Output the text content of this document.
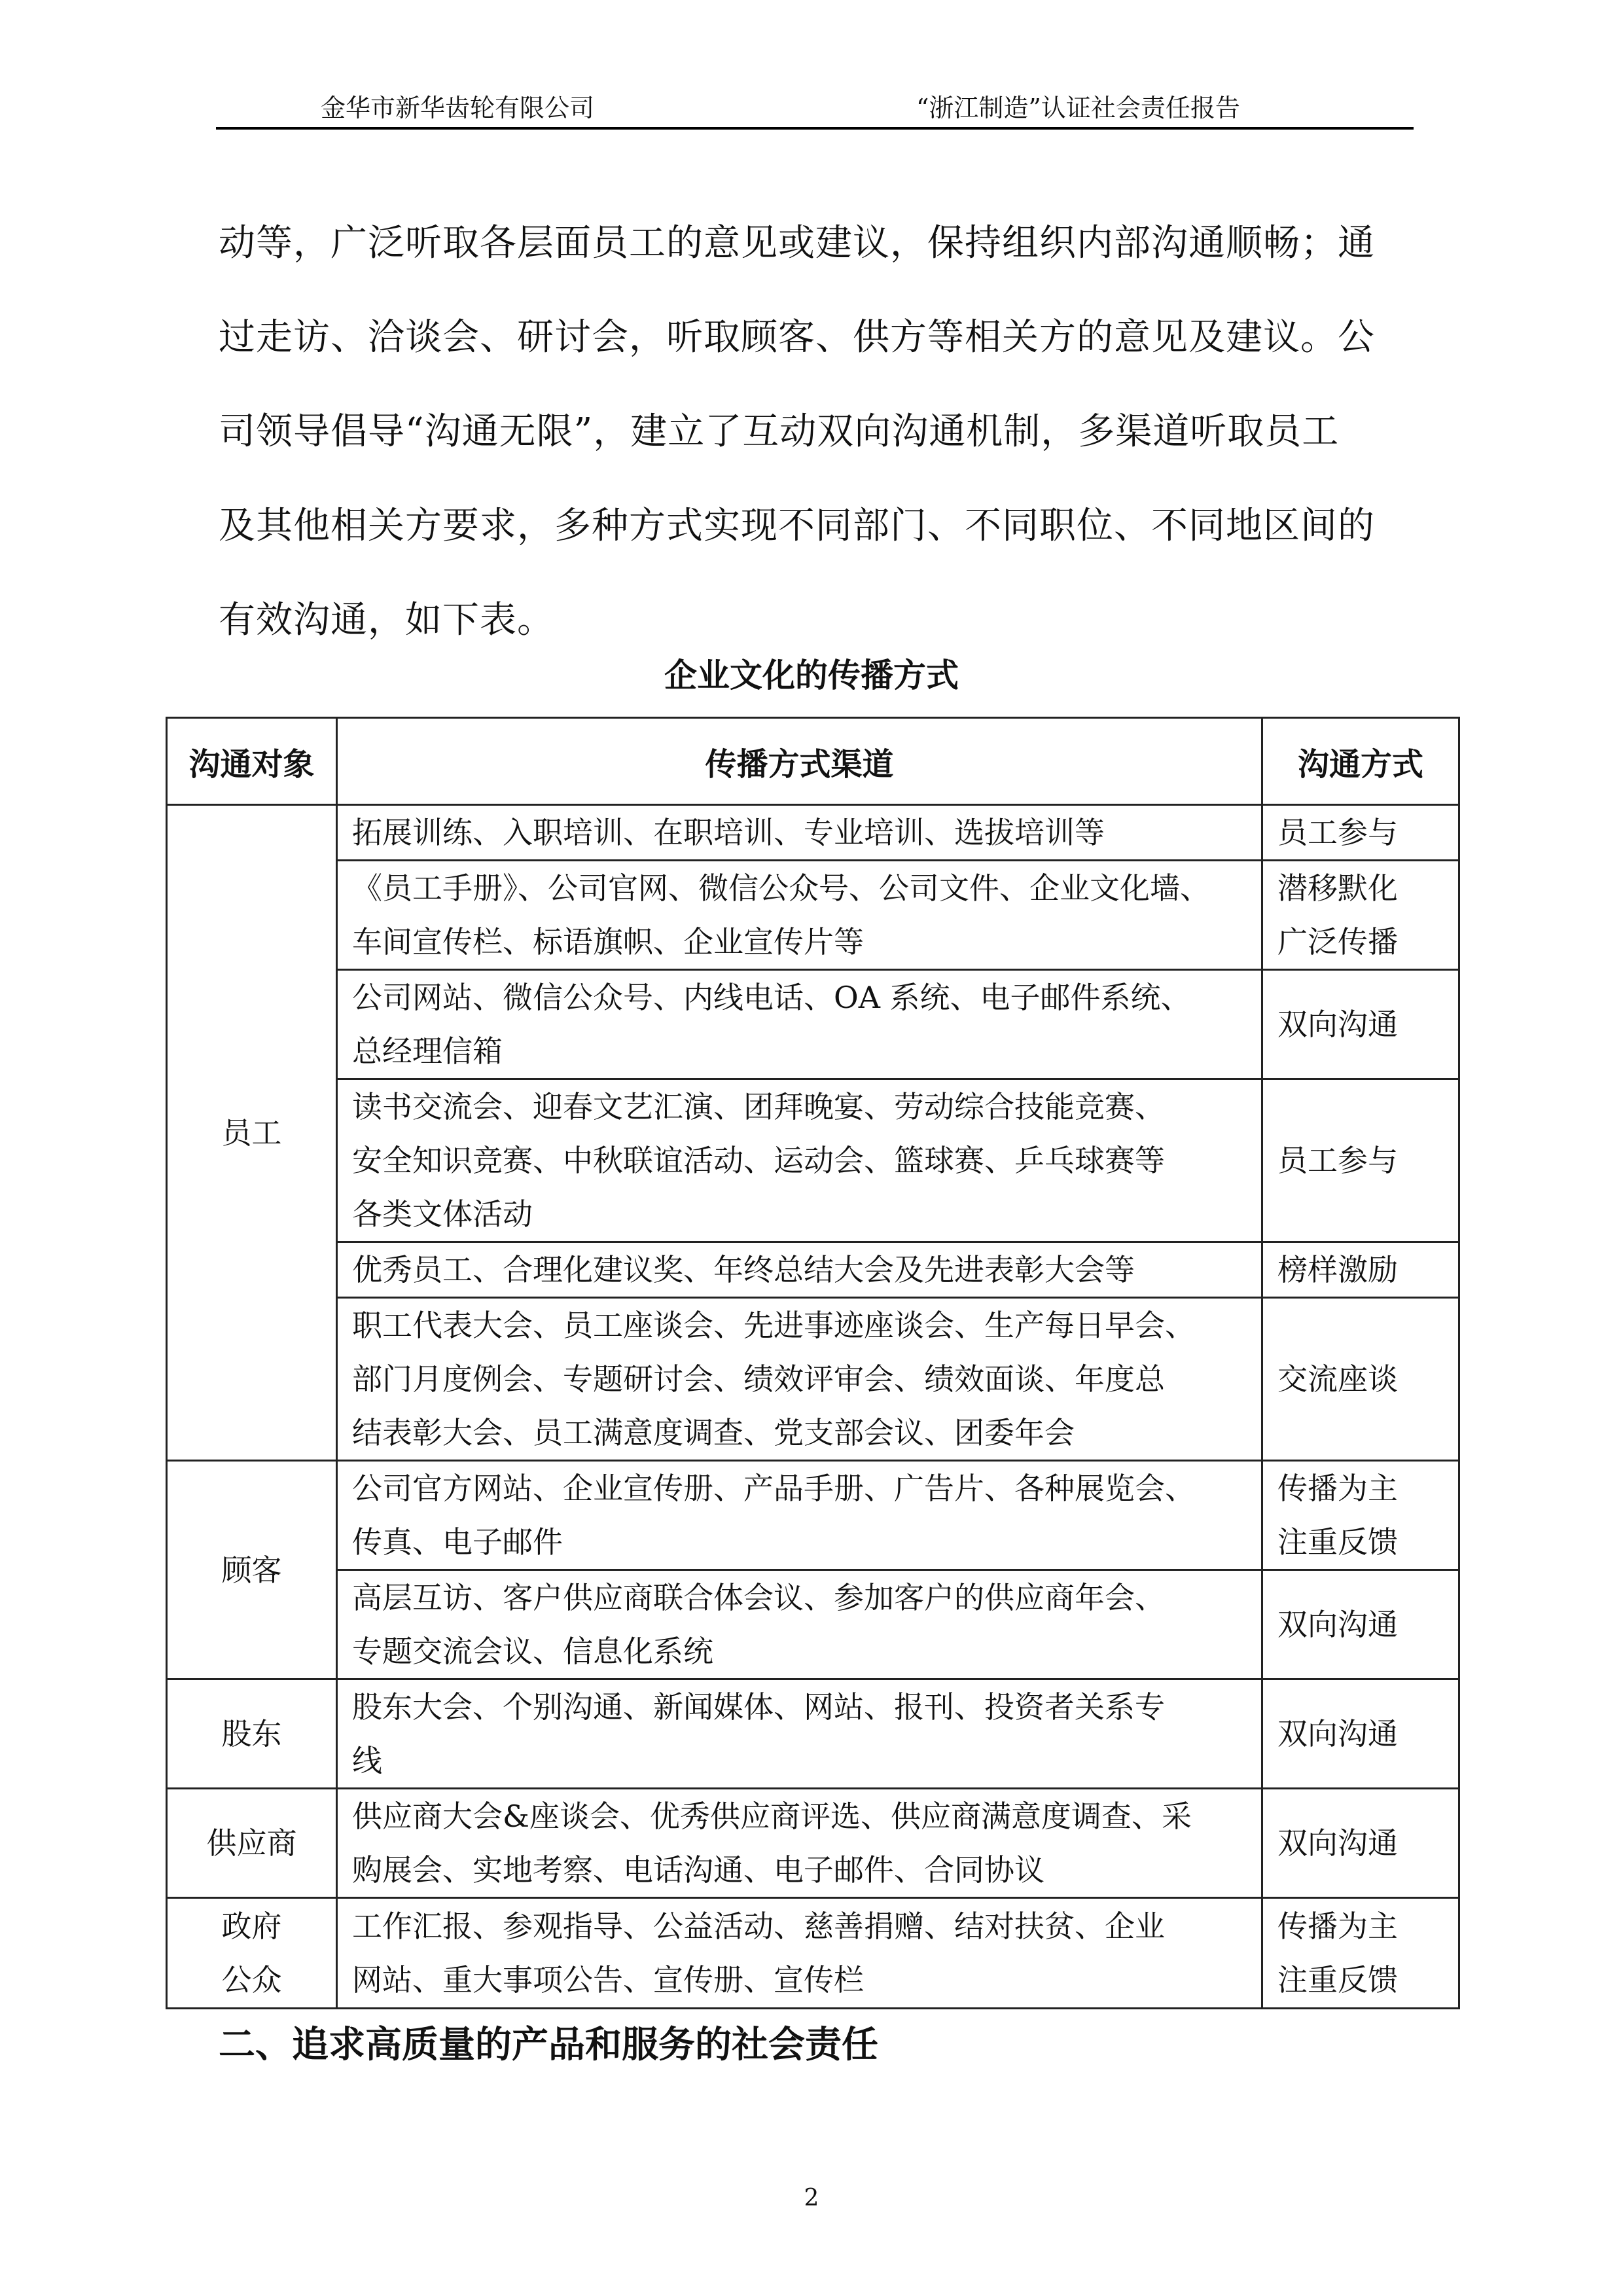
金华市新华齿轮有限公司	“浙江制造”认证社会责任报告

动等，广泛听取各层面员工的意见或建议，保持组织内部沟通顺畅；通
过走访、洽谈会、研讨会，听取顾客、供方等相关方的意见及建议。公
司领导倡导“沟通无限”，建立了互动双向沟通机制，多渠道听取员工
及其他相关方要求，多种方式实现不同部门、不同职位、不同地区间的
有效沟通，如下表。

企业文化的传播方式
沟通对象	传播方式渠道	沟通方式

员工	拓展训练、入职培训、在职培训、专业培训、选拔培训等	员工参与

	《员工手册》、公司官网、微信公众号、公司文件、企业文化墙、
车间宣传栏、标语旗帜、企业宣传片等	潜移默化
广泛传播

	公司网站、微信公众号、内线电话、OA 系统、电子邮件系统、
总经理信箱	双向沟通

	读书交流会、迎春文艺汇演、团拜晚宴、劳动综合技能竞赛、
安全知识竞赛、中秋联谊活动、运动会、篮球赛、乒乓球赛等
各类文体活动	员工参与

	优秀员工、合理化建议奖、年终总结大会及先进表彰大会等	榜样激励

	职工代表大会、员工座谈会、先进事迹座谈会、生产每日早会、
部门月度例会、专题研讨会、绩效评审会、绩效面谈、年度总
结表彰大会、员工满意度调查、党支部会议、团委年会	交流座谈

顾客	公司官方网站、企业宣传册、产品手册、广告片、各种展览会、
传真、电子邮件	传播为主
注重反馈

	高层互访、客户供应商联合体会议、参加客户的供应商年会、
专题交流会议、信息化系统	双向沟通

股东	股东大会、个别沟通、新闻媒体、网站、报刊、投资者关系专
线	双向沟通

供应商	供应商大会&座谈会、优秀供应商评选、供应商满意度调查、采
购展会、实地考察、电话沟通、电子邮件、合同协议	双向沟通

政府
公众	工作汇报、参观指导、公益活动、慈善捐赠、结对扶贫、企业
网站、重大事项公告、宣传册、宣传栏	传播为主
注重反馈
二、追求高质量的产品和服务的社会责任
2
